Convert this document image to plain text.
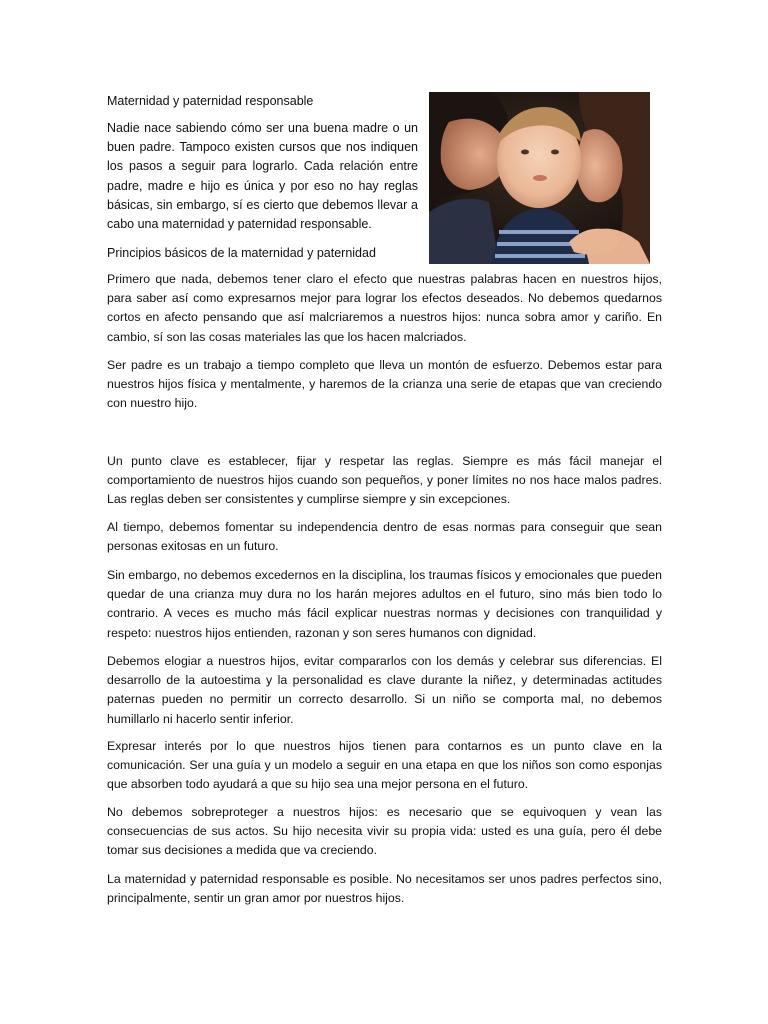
Maternidad y paternidad responsable

Nadie nace sabiendo cómo ser una buena madre o un buen padre. Tampoco existen cursos que nos indiquen los pasos a seguir para lograrlo. Cada relación entre padre, madre e hijo es única y por eso no hay reglas básicas, sin embargo, sí es cierto que debemos llevar a cabo una maternidad y paternidad responsable.

Principios básicos de la maternidad y paternidad

Primero que nada, debemos tener claro el efecto que nuestras palabras hacen en nuestros hijos, para saber así como expresarnos mejor para lograr los efectos deseados. No debemos quedarnos cortos en afecto pensando que así malcriaremos a nuestros hijos: nunca sobra amor y cariño. En cambio, sí son las cosas materiales las que los hacen malcriados.

Ser padre es un trabajo a tiempo completo que lleva un montón de esfuerzo. Debemos estar para nuestros hijos física y mentalmente, y haremos de la crianza una serie de etapas que van creciendo con nuestro hijo.

Un punto clave es establecer, fijar y respetar las reglas. Siempre es más fácil manejar el comportamiento de nuestros hijos cuando son pequeños, y poner límites no nos hace malos padres. Las reglas deben ser consistentes y cumplirse siempre y sin excepciones.

Al tiempo, debemos fomentar su independencia dentro de esas normas para conseguir que sean personas exitosas en un futuro.

Sin embargo, no debemos excedernos en la disciplina, los traumas físicos y emocionales que pueden quedar de una crianza muy dura no los harán mejores adultos en el futuro, sino más bien todo lo contrario. A veces es mucho más fácil explicar nuestras normas y decisiones con tranquilidad y respeto: nuestros hijos entienden, razonan y son seres humanos con dignidad.

Debemos elogiar a nuestros hijos, evitar compararlos con los demás y celebrar sus diferencias. El desarrollo de la autoestima y la personalidad es clave durante la niñez, y determinadas actitudes paternas pueden no permitir un correcto desarrollo. Si un niño se comporta mal, no debemos humillarlo ni hacerlo sentir inferior.

Expresar interés por lo que nuestros hijos tienen para contarnos es un punto clave en la comunicación. Ser una guía y un modelo a seguir en una etapa en que los niños son como esponjas que absorben todo ayudará a que su hijo sea una mejor persona en el futuro.

No debemos sobreproteger a nuestros hijos: es necesario que se equivoquen y vean las consecuencias de sus actos. Su hijo necesita vivir su propia vida: usted es una guía, pero él debe tomar sus decisiones a medida que va creciendo.

La maternidad y paternidad responsable es posible. No necesitamos ser unos padres perfectos sino, principalmente, sentir un gran amor por nuestros hijos.
